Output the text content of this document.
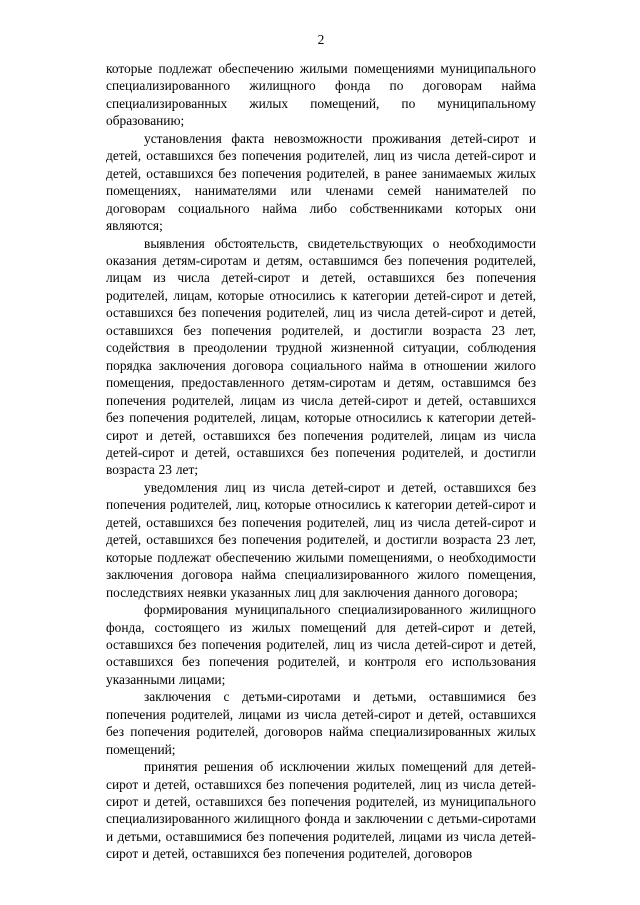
2

которые подлежат обеспечению жилыми помещениями муниципального специализированного жилищного фонда по договорам найма специализированных жилых помещений, по муниципальному образованию;

установления факта невозможности проживания детей-сирот и детей, оставшихся без попечения родителей, лиц из числа детей-сирот и детей, оставшихся без попечения родителей, в ранее занимаемых жилых помещениях, нанимателями или членами семей нанимателей по договорам социального найма либо собственниками которых они являются;

выявления обстоятельств, свидетельствующих о необходимости оказания детям-сиротам и детям, оставшимся без попечения родителей, лицам из числа детей-сирот и детей, оставшихся без попечения родителей, лицам, которые относились к категории детей-сирот и детей, оставшихся без попечения родителей, лиц из числа детей-сирот и детей, оставшихся без попечения родителей, и достигли возраста 23 лет, содействия в преодолении трудной жизненной ситуации, соблюдения порядка заключения договора социального найма в отношении жилого помещения, предоставленного детям-сиротам и детям, оставшимся без попечения родителей, лицам из числа детей-сирот и детей, оставшихся без попечения родителей, лицам, которые относились к категории детей-сирот и детей, оставшихся без попечения родителей, лицам из числа детей-сирот и детей, оставшихся без попечения родителей, и достигли возраста 23 лет;

уведомления лиц из числа детей-сирот и детей, оставшихся без попечения родителей, лиц, которые относились к категории детей-сирот и детей, оставшихся без попечения родителей, лиц из числа детей-сирот и детей, оставшихся без попечения родителей, и достигли возраста 23 лет, которые подлежат обеспечению жилыми помещениями, о необходимости заключения договора найма специализированного жилого помещения, последствиях неявки указанных лиц для заключения данного договора;

формирования муниципального специализированного жилищного фонда, состоящего из жилых помещений для детей-сирот и детей, оставшихся без попечения родителей, лиц из числа детей-сирот и детей, оставшихся без попечения родителей, и контроля его использования указанными лицами;

заключения с детьми-сиротами и детьми, оставшимися без попечения родителей, лицами из числа детей-сирот и детей, оставшихся без попечения родителей, договоров найма специализированных жилых помещений;

принятия решения об исключении жилых помещений для детей-сирот и детей, оставшихся без попечения родителей, лиц из числа детей-сирот и детей, оставшихся без попечения родителей, из муниципального специализированного жилищного фонда и заключении с детьми-сиротами и детьми, оставшимися без попечения родителей, лицами из числа детей-сирот и детей, оставшихся без попечения родителей, договоров
